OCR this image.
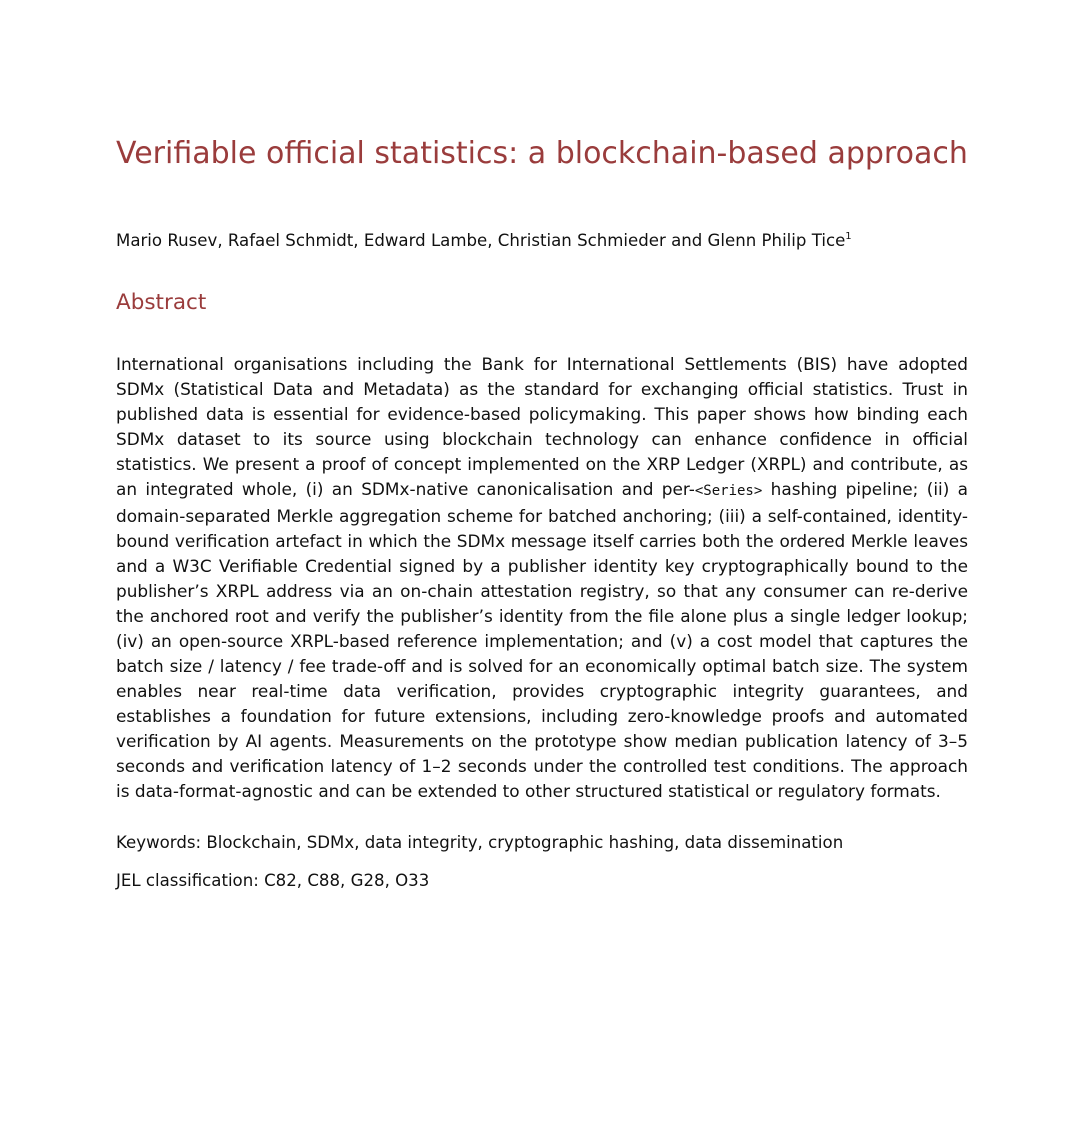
Verifiable official statistics: a blockchain-based approach

Mario Rusev, Rafael Schmidt, Edward Lambe, Christian Schmieder and Glenn Philip Tice$^1$

Abstract

International organisations including the Bank for International Settlements (BIS) have adopted SDMx (Statistical Data and Metadata) as the standard for exchanging official statistics. Trust in published data is essential for evidence-based policymaking. This paper shows how binding each SDMx dataset to its source using blockchain technology can enhance confidence in official statistics. We present a proof of concept implemented on the XRP Ledger (XRPL) and contribute, as an integrated whole, (i) an SDMx-native canonicalisation and per-<Series> hashing pipeline; (ii) a domain-separated Merkle aggregation scheme for batched anchoring; (iii) a self-contained, identity-bound verification artefact in which the SDMx message itself carries both the ordered Merkle leaves and a W3C Verifiable Credential signed by a publisher identity key cryptographically bound to the publisher’s XRPL address via an on-chain attestation registry, so that any consumer can re-derive the anchored root and verify the publisher’s identity from the file alone plus a single ledger lookup; (iv) an open-source XRPL-based reference implementation; and (v) a cost model that captures the batch size / latency / fee trade-off and is solved for an economically optimal batch size. The system enables near real-time data verification, provides cryptographic integrity guarantees, and establishes a foundation for future extensions, including zero-knowledge proofs and automated verification by AI agents. Measurements on the prototype show median publication latency of 3–5 seconds and verification latency of 1–2 seconds under the controlled test conditions. The approach is data-format-agnostic and can be extended to other structured statistical or regulatory formats.

Keywords: Blockchain, SDMx, data integrity, cryptographic hashing, data dissemination

JEL classification: C82, C88, G28, O33
